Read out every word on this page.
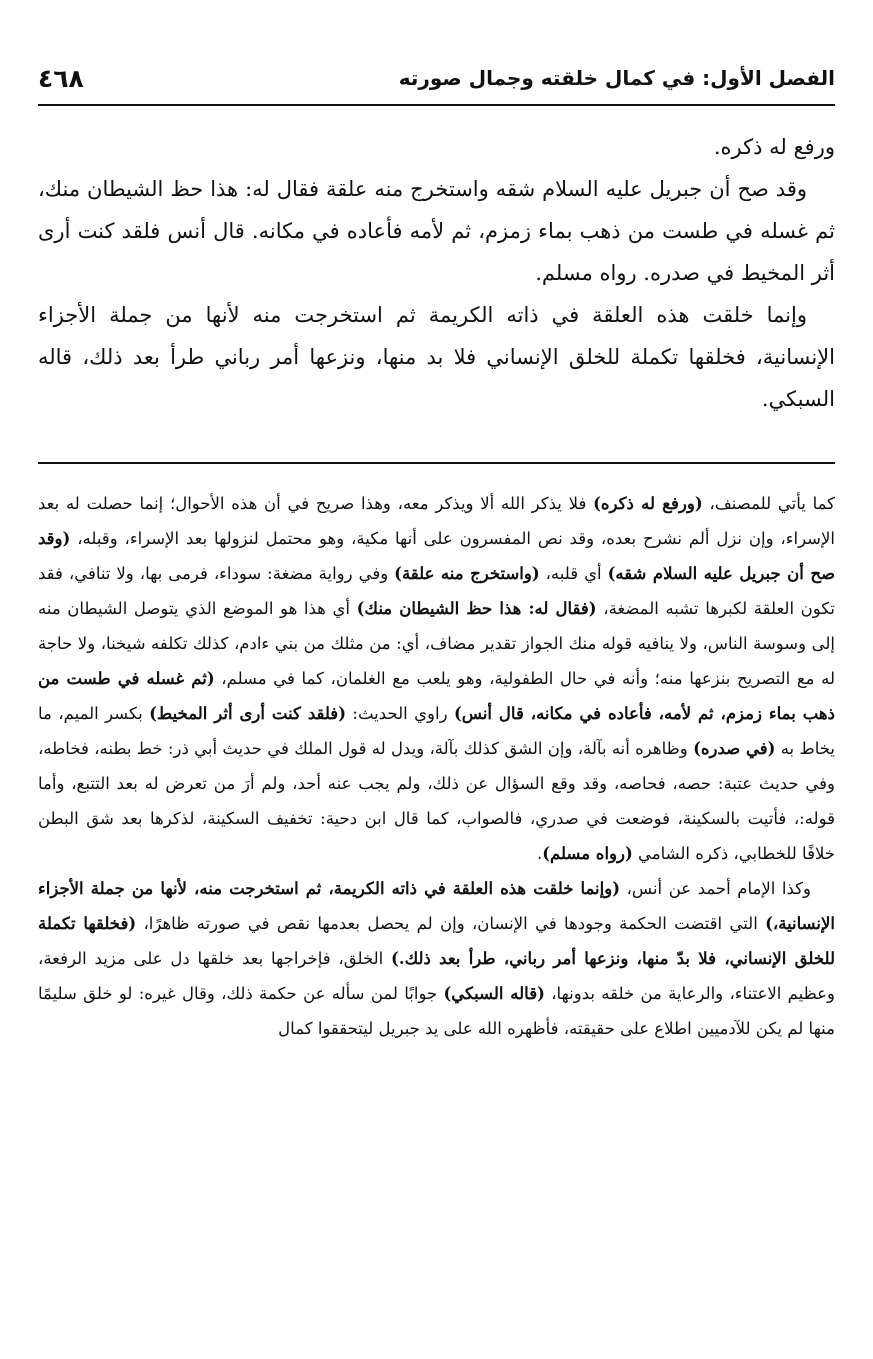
الفصل الأول: في كمال خلقته وجمال صورته
٤٦٨

ورفع له ذكره.

وقد صح أن جبريل عليه السلام شقه واستخرج منه علقة فقال له: هذا حظ الشيطان منك، ثم غسله في طست من ذهب بماء زمزم، ثم لأمه فأعاده في مكانه. قال أنس فلقد كنت أرى أثر المخيط في صدره. رواه مسلم.

وإنما خلقت هذه العلقة في ذاته الكريمة ثم استخرجت منه لأنها من جملة الأجزاء الإنسانية، فخلقها تكملة للخلق الإنساني فلا بد منها، ونزعها أمر رباني طرأ بعد ذلك، قاله السبكي.

كما يأتي للمصنف، (ورفع له ذكره) فلا يذكر الله ألا ويذكر معه، وهذا صريح في أن هذه الأحوال؛ إنما حصلت له بعد الإسراء، وإن نزل ألم نشرح بعده، وقد نص المفسرون على أنها مكية، وهو محتمل لنزولها بعد الإسراء، وقبله، (وقد صح أن جبريل عليه السلام شقه) أي قلبه، (واستخرج منه علقة) وفي رواية مضغة: سوداء، فرمى بها، ولا تنافي، فقد تكون العلقة لكبرها تشبه المضغة، (فقال له: هذا حظ الشيطان منك) أي هذا هو الموضع الذي يتوصل الشيطان منه إلى وسوسة الناس، ولا ينافيه قوله منك الجواز تقدير مضاف، أي: من مثلك من بني ءادم، كذلك تكلفه شيخنا، ولا حاجة له مع التصريح بنزعها منه؛ وأنه في حال الطفولية، وهو يلعب مع الغلمان، كما في مسلم، (ثم غسله في طست من ذهب بماء زمزم، ثم لأمه، فأعاده في مكانه، قال أنس) راوي الحديث: (فلقد كنت أرى أثر المخيط) بكسر الميم، ما يخاط به (في صدره) وظاهره أنه بآلة، وإن الشق كذلك بآلة، ويدل له قول الملك في حديث أبي ذر: خط بطنه، فخاطه، وفي حديث عتبة: حصه، فحاصه، وقد وقع السؤال عن ذلك، ولم يجب عنه أحد، ولم أرَ من تعرض له بعد التتبع، وأما قوله:، فأتيت بالسكينة، فوضعت في صدري، فالصواب، كما قال ابن دحية: تخفيف السكينة، لذكرها بعد شق البطن خلافًا للخطابي، ذكره الشامي (رواه مسلم).

وكذا الإمام أحمد عن أنس، (وإنما خلقت هذه العلقة في ذاته الكريمة، ثم استخرجت منه، لأنها من جملة الأجزاء الإنسانية،) التي اقتضت الحكمة وجودها في الإنسان، وإن لم يحصل بعدمها نقص في صورته ظاهرًا، (فخلقها تكملة للخلق الإنساني، فلا بدّ منها، ونزعها أمر رباني، طرأ بعد ذلك.) الخلق، فإخراجها بعد خلقها دل على مزيد الرفعة، وعظيم الاعتناء، والرعاية من خلقه بدونها، (قاله السبكي) جوابًا لمن سأله عن حكمة ذلك، وقال غيره: لو خلق سليمًا منها لم يكن للآدميين اطلاع على حقيقته، فأظهره الله على يد جبريل ليتحققوا كمال
